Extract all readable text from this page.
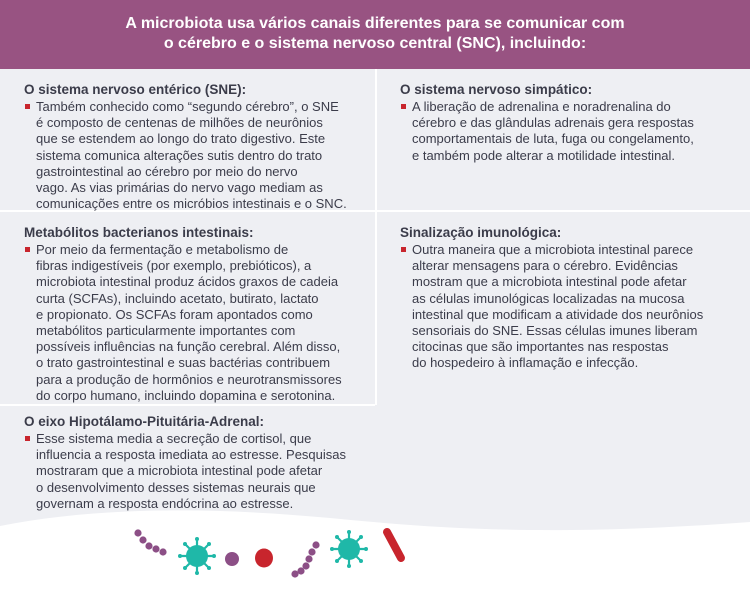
A microbiota usa vários canais diferentes para se comunicar com
o cérebro e o sistema nervoso central (SNC), incluindo:
O sistema nervoso entérico (SNE):
Também conhecido como “segundo cérebro”, o SNE
é composto de centenas de milhões de neurônios
que se estendem ao longo do trato digestivo. Este
sistema comunica alterações sutis dentro do trato
gastrointestinal ao cérebro por meio do nervo
vago. As vias primárias do nervo vago mediam as
comunicações entre os micróbios intestinais e o SNC.
O sistema nervoso simpático:
A liberação de adrenalina e noradrenalina do
cérebro e das glândulas adrenais gera respostas
comportamentais de luta, fuga ou congelamento,
e também pode alterar a motilidade intestinal.
Metabólitos bacterianos intestinais:
Por meio da fermentação e metabolismo de
fibras indigestíveis (por exemplo, prebióticos), a
microbiota intestinal produz ácidos graxos de cadeia
curta (SCFAs), incluindo acetato, butirato, lactato
e propionato. Os SCFAs foram apontados como
metabólitos particularmente importantes com
possíveis influências na função cerebral. Além disso,
o trato gastrointestinal e suas bactérias contribuem
para a produção de hormônios e neurotransmissores
do corpo humano, incluindo dopamina e serotonina.
Sinalização imunológica:
Outra maneira que a microbiota intestinal parece
alterar mensagens para o cérebro. Evidências
mostram que a microbiota intestinal pode afetar
as células imunológicas localizadas na mucosa
intestinal que modificam a atividade dos neurônios
sensoriais do SNE. Essas células imunes liberam
citocinas que são importantes nas respostas
do hospedeiro à inflamação e infecção.
O eixo Hipotálamo-Pituitária-Adrenal:
Esse sistema media a secreção de cortisol, que
influencia a resposta imediata ao estresse. Pesquisas
mostraram que a microbiota intestinal pode afetar
o desenvolvimento desses sistemas neurais que
governam a resposta endócrina ao estresse.
